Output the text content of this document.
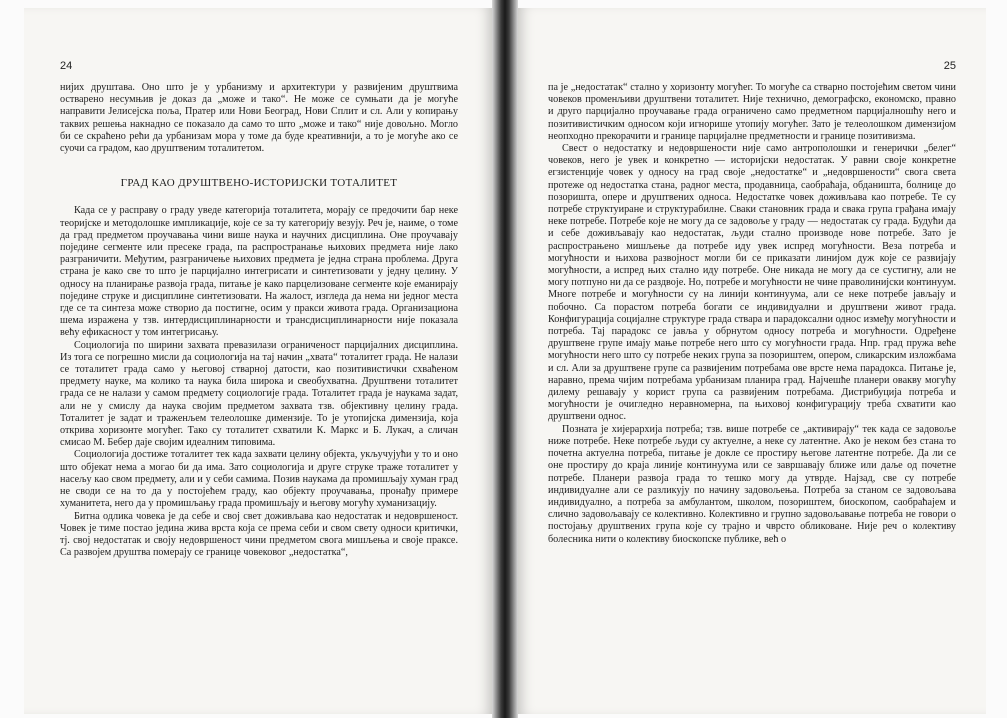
24

нијих друштава. Оно што је у урбанизму и архитектури у развијеним друштвима остварено несумњив је доказ да „може и тако“. Не може се сумњати да је могуће направити Јелисејска поља, Пратер или Нови Београд, Нови Сплит и сл. Али у копирању таквих решења накнадно се показало да само то што „може и тако“ није довољно. Могло би се скраћено рећи да урбанизам мора у томе да буде креативнији, а то је могуће ако се суочи са градом, као друштвеним тоталитетом.

ГРАД КАО ДРУШТВЕНО-ИСТОРИЈСКИ ТОТАЛИТЕТ

Када се у расправу о граду уведе категорија тоталитета, морају се предочити бар неке теоријске и методолошке импликације, које се за ту категорију везују. Реч је, наиме, о томе да град предметом проучавања чини више наука и научних дисциплина. Оне проучавају поједине сегменте или пресеке града, па распространање њихових предмета није лако разграничити. Међутим, разграничење њихових предмета је једна страна проблема. Друга страна је како све то што је парцијално интегрисати и синтетизовати у једну целину. У односу на планирање развоја града, питање је како парцелизоване сегменте које еманирају поједине струке и дисциплине синтетизовати. На жалост, изгледа да нема ни једног места где се та синтеза може створио да постигне, осим у пракси живота града. Организациона шема изражена у тзв. интердисциплинарности и трансдисциплинарности није показала већу ефикасност у том интегрисању.

Социологија по ширини захвата превазилази ограниченост парцијалних дисциплина. Из тога се погрешно мисли да социологија на тај начин „хвата“ тоталитет града. Не налази се тоталитет града само у његовој стварној датости, као позитивистички схваћеном предмету науке, ма колико та наука била широка и свеобухватна. Друштвени тоталитет града се не налази у самом предмету социологије града. Тоталитет града је наукама задат, али не у смислу да наука својим предметом захвата тзв. објективну целину града. Тоталитет је задат и траженљем телеолошке димензије. То је утопијска димензија, која открива хоризонте могућег. Тако су тоталитет схватили К. Маркс и Б. Лукач, а сличан смисао М. Бебер даје својим идеалним типовима.

Социологија достиже тоталитет тек када захвати целину објекта, укључујући у то и оно што објекат нема а могао би да има. Зато социологија и друге струке траже тоталитет у насељу као свом предмету, али и у себи самима. Позив наукама да промишљају хуман град не своди се на то да у постојећем граду, као објекту проучавања, пронађу примере хуманитета, него да у промишљању града промишљају и његову могућу хуманизацију.

Битна одлика човека је да себе и свој свет доживљава као недостатак и недовршеност. Човек је тиме постао једина жива врста која се према себи и свом свету односи критички, тј. свој недостатак и своју недовршеност чини предметом свога мишљења и своје праксе. Са развојем друштва померају се границе човековог „недостатка“,

25

па је „недостатак“ стално у хоризонту могућег. То могуће са стварно постојећим светом чини човеков променљиви друштвени тоталитет. Није технично, демографско, економско, правно и друго парцијално проучавање града ограничено само предметном парцијалношћу него и позитивистичким односом који игнорише утопију могућег. Зато је телеолошком димензијом неопходно прекорачити и границе парцијалне предметности и границе позитивизма.

Свест о недостатку и недовршености није само антрополошки и генерички „белег“ човеков, него је увек и конкретно — историјски недостатак. У равни своје конкретне егзистенције човек у односу на град своје „недостатке“ и „недовршености“ свога света протеже од недостатка стана, радног места, продавница, саобраћаја, обданишта, болнице до позоришта, опере и друштвених односа. Недостатке човек доживљава као потребе. Те су потребе структуиране и структурабилне. Сваки становник града и свака група грађана имају неке потребе. Потребе које не могу да се задовоље у граду — недостатак су града. Будући да и себе доживљавају као недостатак, људи стално производе нове потребе. Зато је распрострањено мишљење да потребе иду увек испред могућности. Веза потреба и могућности и њихова развојност могли би се приказати линијом дуж које се развијају могућности, а испред њих стално иду потребе. Оне никада не могу да се сустигну, али не могу потпуно ни да се раздвоје. Но, потребе и могућности не чине праволинијски континуум. Многе потребе и могућности су на линији континуума, али се неке потребе јављају и побочно. Са порастом потреба богати се индивидуални и друштвени живот града. Конфигурација социјалне структуре града ствара и парадоксални однос између могућности и потреба. Тај парадокс се јавља у обрнутом односу потреба и могућности. Одређене друштвене групе имају мање потребе него што су могућности града. Нпр. град пружа веће могућности него што су потребе неких група за позориштем, опером, сликарским изложбама и сл. Али за друштвене групе са развијеним потребама ове врсте нема парадокса. Питање је, наравно, према чијим потребама урбанизам планира град. Најчешће планери овакву могућу дилему решавају у корист група са развијеним потребама. Дистрибуција потреба и могућности је очигледно неравномерна, па њиховој конфигурацију треба схватити као друштвени однос.

Позната је хијерархија потреба; тзв. више потребе се „активирају“ тек када се задовоље ниже потребе. Неке потребе људи су актуелне, а неке су латентне. Ако је неком без стана то почетна актуелна потреба, питање је докле се простиру његове латентне потребе. Да ли се оне простиру до краја линије континуума или се завршавају ближе или даље од почетне потребе. Планери развоја града то тешко могу да утврде. Најзад, све су потребе индивидуалне али се разликују по начину задовољења. Потреба за станом се задовољава индивидуално, а потреба за амбулантом, школом, позориштем, биоскопом, саобраћајем и слично задовољавају се колективно. Колективно и групно задовољавање потреба не говори о постојању друштвених група које су трајно и чврсто обликоване. Није реч о колективу болесника нити о колективу биоскопске публике, већ о
